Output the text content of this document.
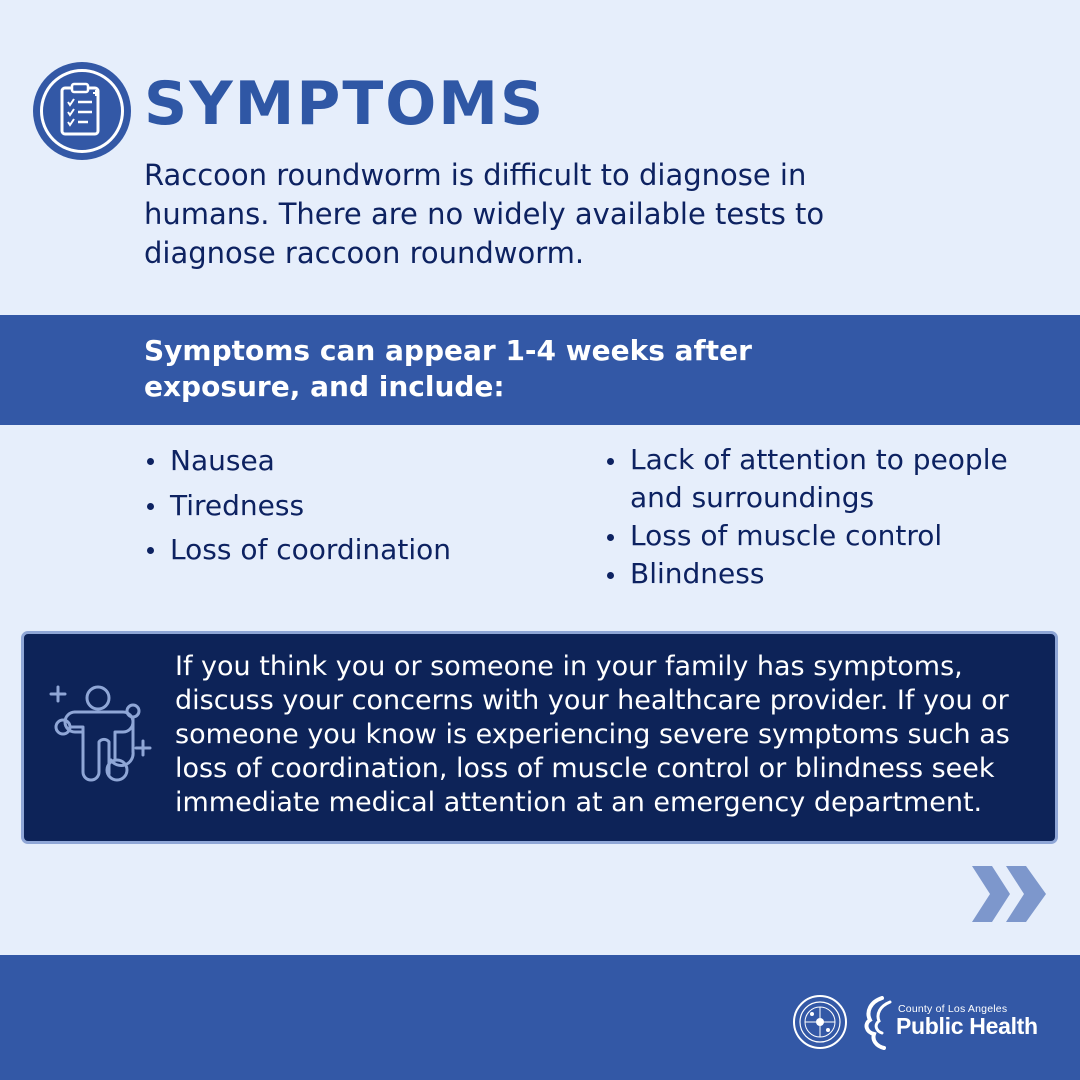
SYMPTOMS

Raccoon roundworm is difficult to diagnose in humans. There are no widely available tests to diagnose raccoon roundworm.

Symptoms can appear 1-4 weeks after exposure, and include:

Nausea
Tiredness
Loss of coordination
Lack of attention to people and surroundings
Loss of muscle control
Blindness

If you think you or someone in your family has symptoms, discuss your concerns with your healthcare provider. If you or someone you know is experiencing severe symptoms such as loss of coordination, loss of muscle control or blindness seek immediate medical attention at an emergency department.

County of Los Angeles

Public Health
